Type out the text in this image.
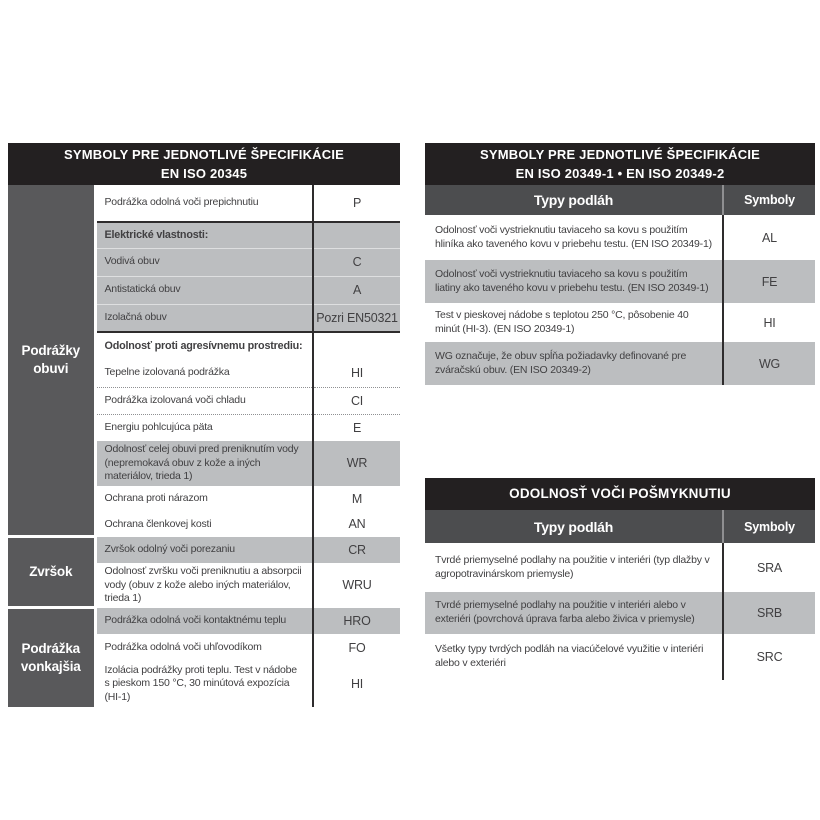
SYMBOLY PRE JEDNOTLIVÉ ŠPECIFIKÁCIE
EN ISO 20345		

Podrážky obuvi	Podrážka odolná voči prepichnutiu	P
	Elektrické vlastnosti:	
	Vodivá obuv	C
	Antistatická obuv	A
	Izolačná obuv	Pozri EN50321
	Odolnosť proti agresívnemu prostrediu:	
	Tepelne izolovaná podrážka	HI
	Podrážka izolovaná voči chladu	CI
	Energiu pohlcujúca päta	E
	Odolnosť celej obuvi pred preniknutím vody (nepremokavá obuv z kože a iných materiálov, trieda 1)	WR
	Ochrana proti nárazom	M
	Ochrana členkovej kosti	AN
Zvršok	Zvršok odolný voči porezaniu	CR
	Odolnosť zvršku voči preniknutiu a absorpcii vody (obuv z kože alebo iných materiálov, trieda 1)	WRU
Podrážka vonkajšia	Podrážka odolná voči kontaktnému teplu	HRO
	Podrážka odolná voči uhľovodíkom	FO
	Izolácia podrážky proti teplu. Test v nádobe s pieskom 150 °C, 30 minútová expozícia (HI-1)	HI
SYMBOLY PRE JEDNOTLIVÉ ŠPECIFIKÁCIE
EN ISO 20349-1 • EN ISO 20349-2	

Typy podláh	Symboly
Odolnosť voči vystrieknutiu taviaceho sa kovu s použitím hliníka ako taveného kovu v priebehu testu. (EN ISO 20349-1)	AL
Odolnosť voči vystrieknutiu taviaceho sa kovu s použitím liatiny ako taveného kovu v priebehu testu. (EN ISO 20349-1)	FE
Test v pieskovej nádobe s teplotou 250 °C, pôsobenie 40 minút (HI-3). (EN ISO 20349-1)	HI
WG označuje, že obuv spĺňa požiadavky definované pre zváračskú obuv. (EN ISO 20349-2)	WG
ODOLNOSŤ VOČI POŠMYKNUTIU	
Typy podláh	Symboly
Tvrdé priemyselné podlahy na použitie v interiéri (typ dlažby v agropotravinárskom priemysle)	SRA
Tvrdé priemyselné podlahy na použitie v interiéri alebo v exteriéri (povrchová úprava farba alebo živica v priemysle)	SRB
Všetky typy tvrdých podláh na viacúčelové využitie v interiéri alebo v exteriéri	SRC
